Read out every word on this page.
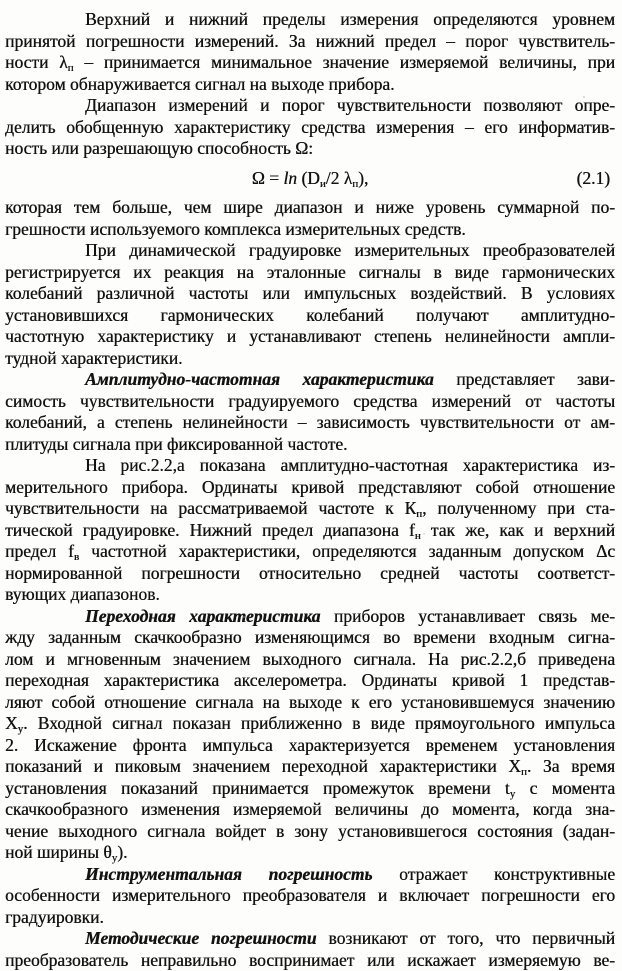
Верхний и нижний пределы измерения определяются уровнем
принятой погрешности измерений. За нижний предел – порог чувствитель-
ности $\lambda_п$ – принимается минимальное значение измеряемой величины, при
котором обнаруживается сигнал на выходе прибора.
Диапазон измерений и порог чувствительности позволяют опре-
делить обобщенную характеристику средства измерения – его информатив-
ность или разрешающую способность Ω:
$\Omega = \ln (D_и/2$ $\lambda_п$),	(2.1)
которая тем больше, чем шире диапазон и ниже уровень суммарной по-
грешности используемого комплекса измерительных средств.
При динамической градуировке измерительных преобразователей
регистрируется их реакция на эталонные сигналы в виде гармонических
колебаний различной частоты или импульсных воздействий. В условиях
установившихся гармонических колебаний получают амплитудно-
частотную характеристику и устанавливают степень нелинейности ампли-
тудной характеристики.
Амплитудно-частотная характеристика представляет зави-
симость чувствительности градуируемого средства измерений от частоты
колебаний, а степень нелинейности – зависимость чувствительности от ам-
плитуды сигнала при фиксированной частоте.
На рис.2.2,а показана амплитудно-частотная характеристика из-
мерительного прибора. Ординаты кривой представляют собой отношение
чувствительности на рассматриваемой частоте к $К_п$, полученному при ста-
тической градуировке. Нижний предел диапазона $f_н$ так же, как и верхний
предел $f_в$ частотной характеристики, определяются заданным допуском Δс
нормированной погрешности относительно средней частоты соответст-
вующих диапазонов.
Переходная характеристика приборов устанавливает связь ме-
жду заданным скачкообразно изменяющимся во времени входным сигна-
лом и мгновенным значением выходного сигнала. На рис.2.2,б приведена
переходная характеристика акселерометра. Ординаты кривой 1 представ-
ляют собой отношение сигнала на выходе к его установившемуся значению
$Х_у$. Входной сигнал показан приближенно в виде прямоугольного импульса
2. Искажение фронта импульса характеризуется временем установления
показаний и пиковым значением переходной характеристики $Х_п$. За время
установления показаний принимается промежуток времени $t_у$ с момента
скачкообразного изменения измеряемой величины до момента, когда зна-
чение выходного сигнала войдет в зону установившегося состояния (задан-
ной ширины $\theta_у$).
Инструментальная погрешность отражает конструктивные
особенности измерительного преобразователя и включает погрешности его
градуировки.
Методические погрешности возникают от того, что первичный
преобразователь неправильно воспринимает или искажает измеряемую ве-
